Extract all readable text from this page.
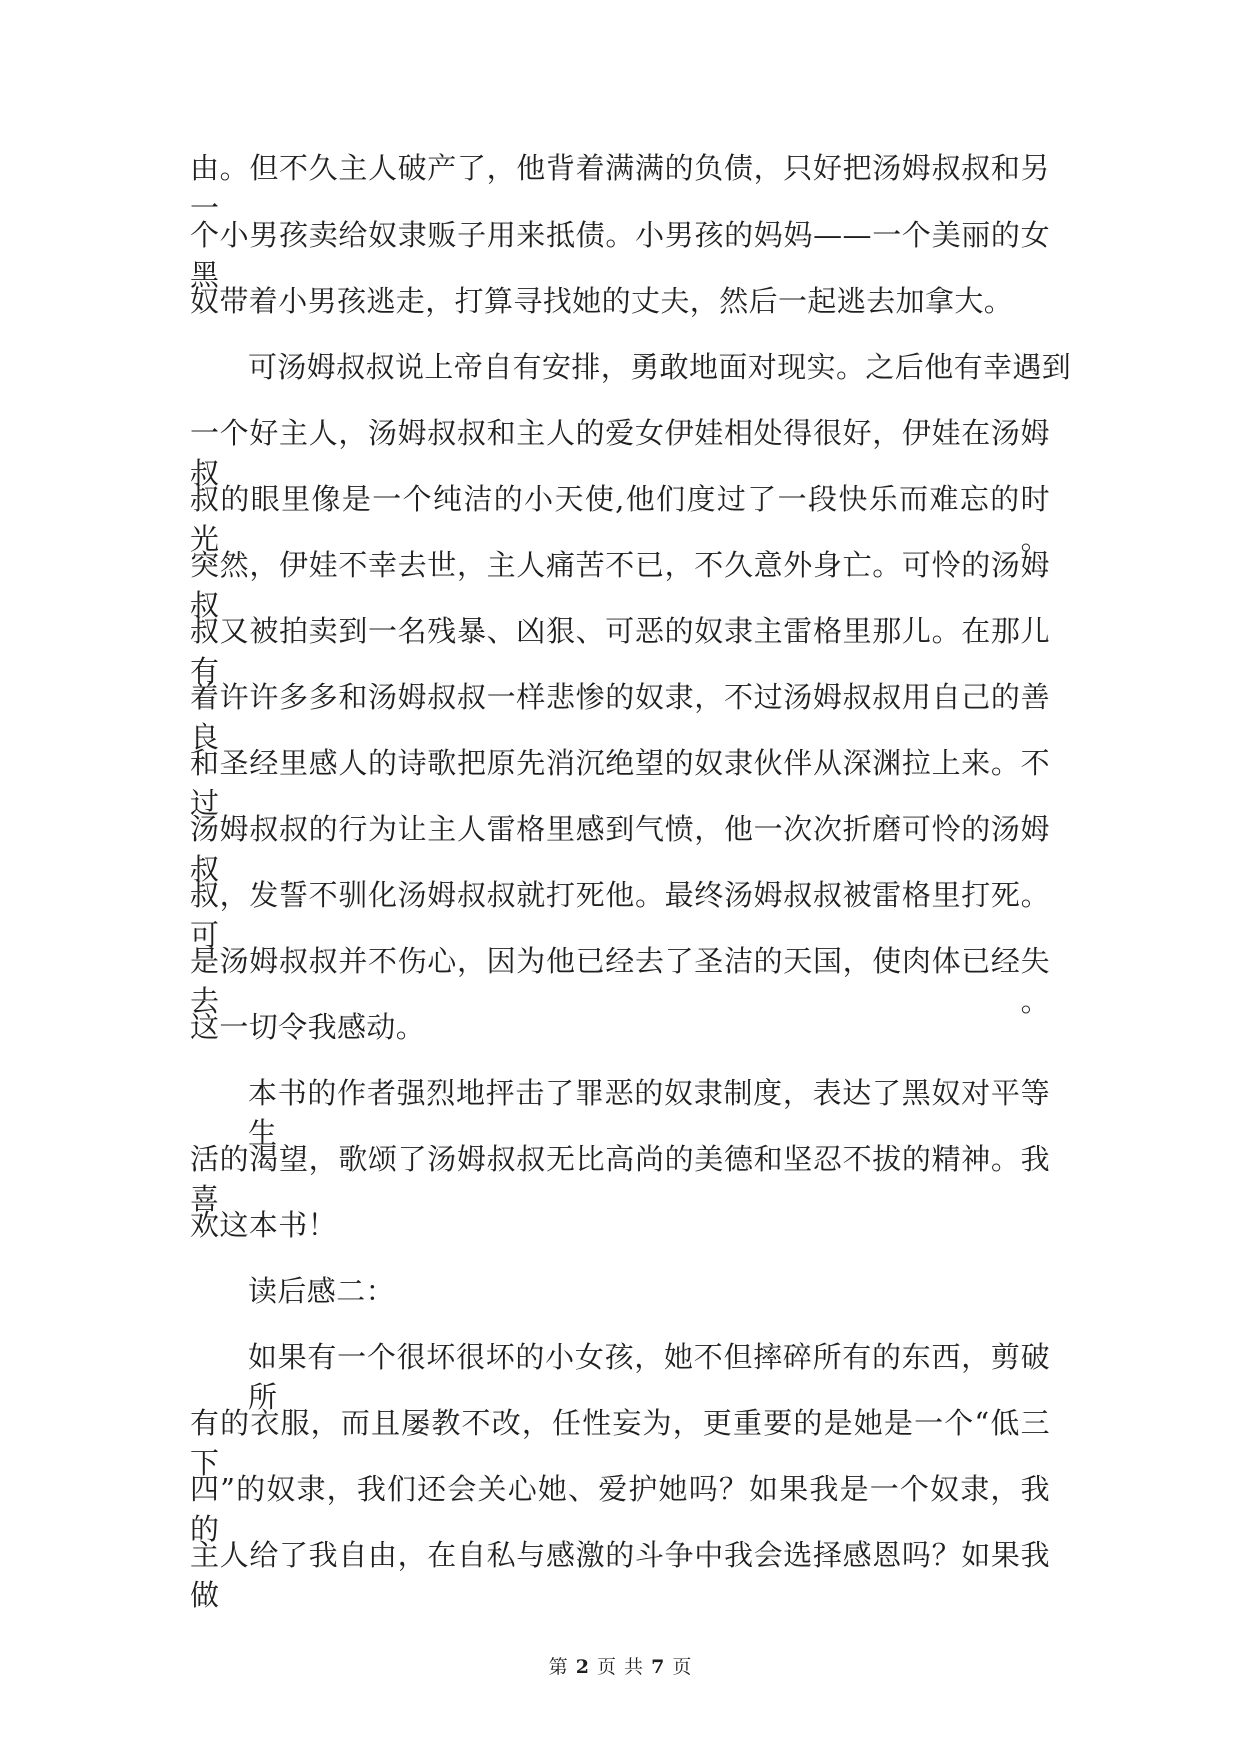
由。但不久主人破产了，他背着满满的负债，只好把汤姆叔叔和另一
个小男孩卖给奴隶贩子用来抵债。小男孩的妈妈——一个美丽的女黑
奴带着小男孩逃走，打算寻找她的丈夫，然后一起逃去加拿大。
可汤姆叔叔说上帝自有安排，勇敢地面对现实。之后他有幸遇到
一个好主人，汤姆叔叔和主人的爱女伊娃相处得很好，伊娃在汤姆叔
叔的眼里像是一个纯洁的小天使,他们度过了一段快乐而难忘的时光。
突然，伊娃不幸去世，主人痛苦不已，不久意外身亡。可怜的汤姆叔
叔又被拍卖到一名残暴、凶狠、可恶的奴隶主雷格里那儿。在那儿有
着许许多多和汤姆叔叔一样悲惨的奴隶，不过汤姆叔叔用自己的善良
和圣经里感人的诗歌把原先消沉绝望的奴隶伙伴从深渊拉上来。不过
汤姆叔叔的行为让主人雷格里感到气愤，他一次次折磨可怜的汤姆叔
叔，发誓不驯化汤姆叔叔就打死他。最终汤姆叔叔被雷格里打死。可
是汤姆叔叔并不伤心，因为他已经去了圣洁的天国，使肉体已经失去。
这一切令我感动。
本书的作者强烈地抨击了罪恶的奴隶制度，表达了黑奴对平等生
活的渴望，歌颂了汤姆叔叔无比高尚的美德和坚忍不拔的精神。我喜
欢这本书！
读后感二：
如果有一个很坏很坏的小女孩，她不但摔碎所有的东西，剪破所
有的衣服，而且屡教不改，任性妄为，更重要的是她是一个“低三下
四”的奴隶，我们还会关心她、爱护她吗？如果我是一个奴隶，我的
主人给了我自由，在自私与感激的斗争中我会选择感恩吗？如果我做
第 2 页 共 7 页
